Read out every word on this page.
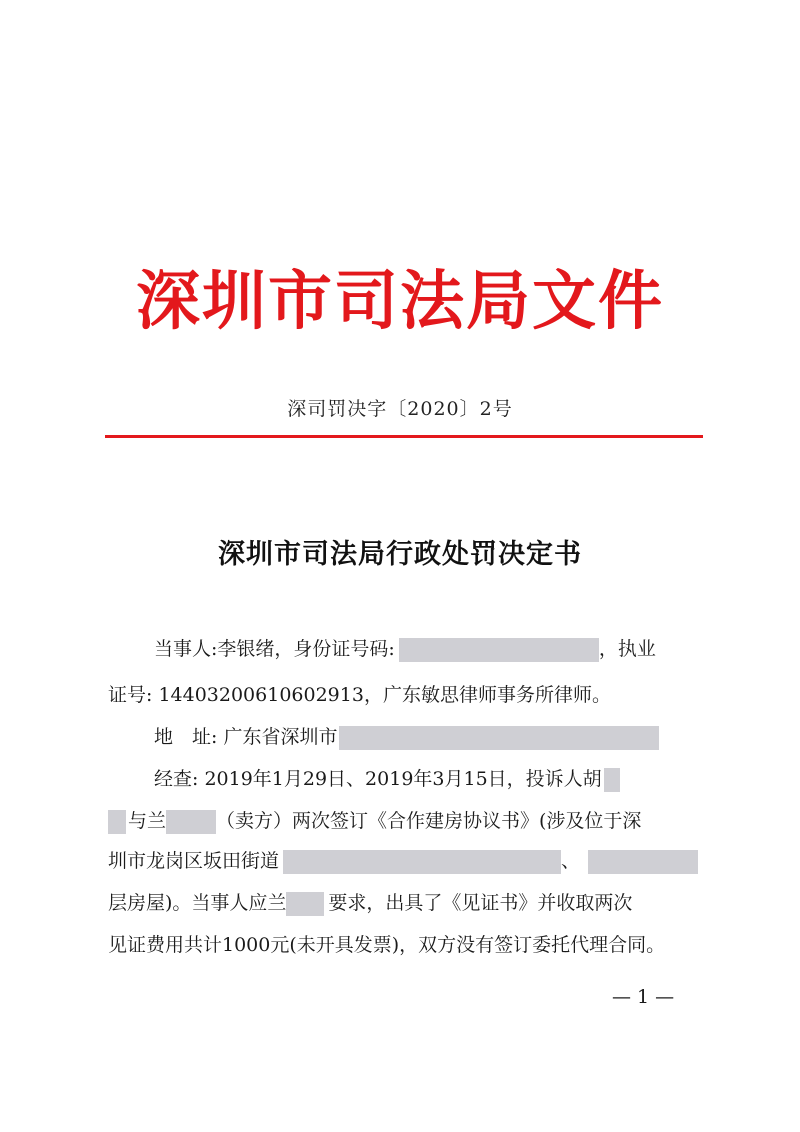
深圳市司法局文件
深司罚决字〔2020〕2号
深圳市司法局行政处罚决定书
当事人:李银绪，身份证号码:	，执业
证号: 14403200610602913，广东敏思律师事务所律师。
地　址: 广东省深圳市
经查: 2019年1月29日、2019年3月15日，投诉人胡
与兰	（卖方）两次签订《合作建房协议书》(涉及位于深
圳市龙岗区坂田街道	、
层房屋)。当事人应兰 要求，出具了《见证书》并收取两次
见证费用共计1000元(未开具发票)，双方没有签订委托代理合同。
— 1 —
